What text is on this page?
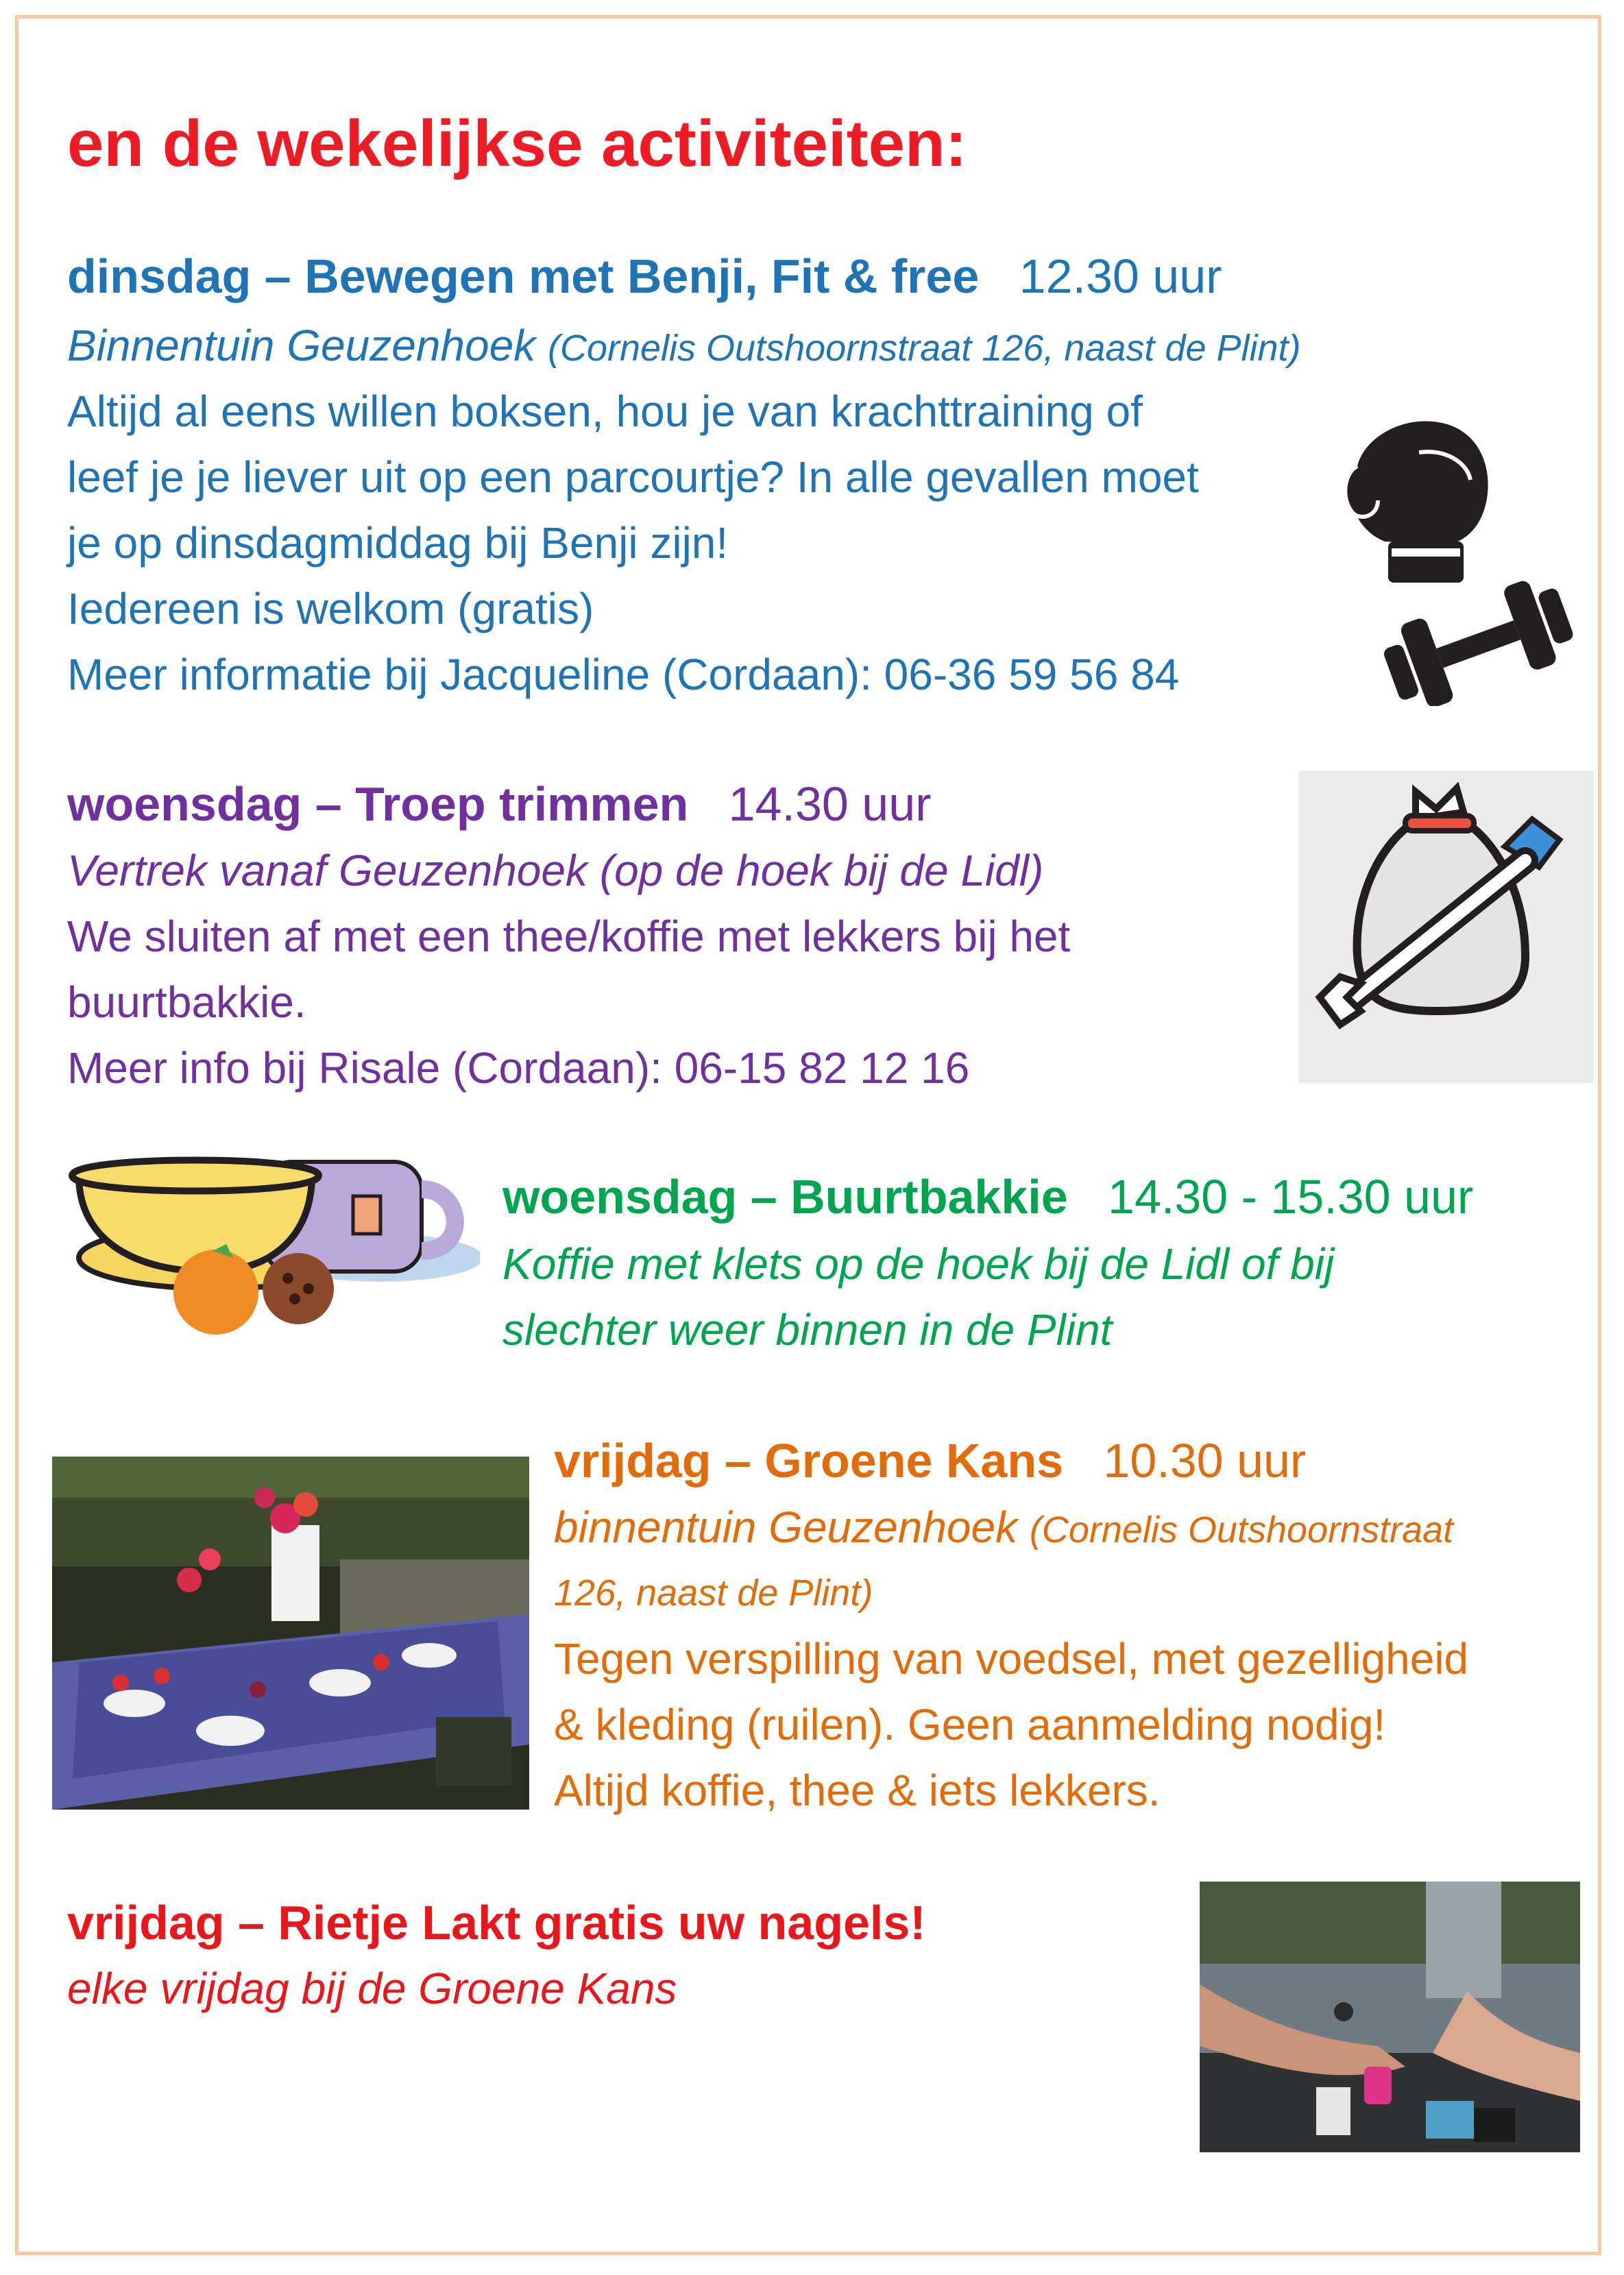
en de wekelijkse activiteiten:
dinsdag – Bewegen met Benji, Fit & free 12.30 uur
Binnentuin Geuzenhoek (Cornelis Outshoornstraat 126, naast de Plint)
Altijd al eens willen boksen, hou je van krachttraining of
leef je je liever uit op een parcourtje? In alle gevallen moet
je op dinsdagmiddag bij Benji zijn!
Iedereen is welkom (gratis)
Meer informatie bij Jacqueline (Cordaan): 06-36 59 56 84
woensdag – Troep trimmen 14.30 uur
Vertrek vanaf Geuzenhoek (op de hoek bij de Lidl)
We sluiten af met een thee/koffie met lekkers bij het
buurtbakkie.
Meer info bij Risale (Cordaan): 06-15 82 12 16
woensdag – Buurtbakkie 14.30 - 15.30 uur
Koffie met klets op de hoek bij de Lidl of bij
slechter weer binnen in de Plint
vrijdag – Groene Kans 10.30 uur
binnentuin Geuzenhoek (Cornelis Outshoornstraat
126, naast de Plint)
Tegen verspilling van voedsel, met gezelligheid
& kleding (ruilen). Geen aanmelding nodig!
Altijd koffie, thee & iets lekkers.
vrijdag – Rietje Lakt gratis uw nagels!
elke vrijdag bij de Groene Kans
